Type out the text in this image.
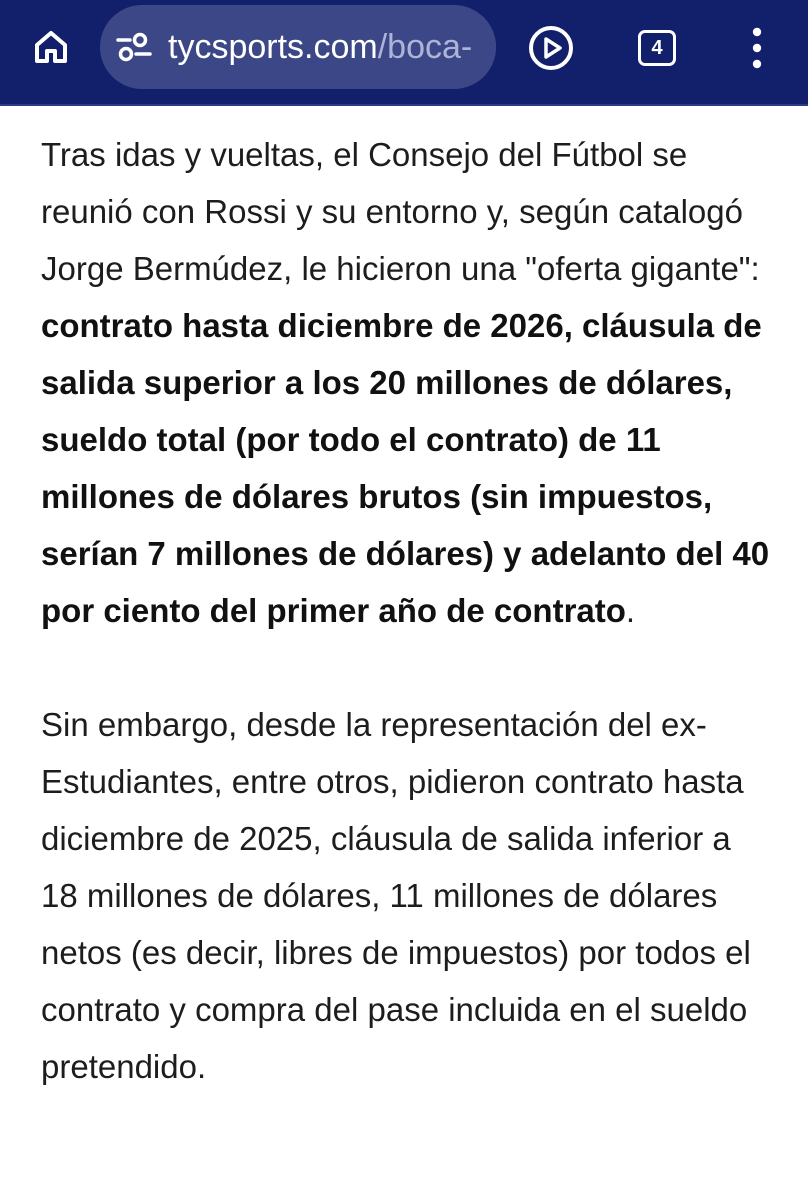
tycsports.com/boca-	4

Tras idas y vueltas, el Consejo del Fútbol se reunió con Rossi y su entorno y, según catalogó Jorge Bermúdez, le hicieron una "oferta gigante": contrato hasta diciembre de 2026, cláusula de salida superior a los 20 millones de dólares, sueldo total (por todo el contrato) de 11 millones de dólares brutos (sin impuestos, serían 7 millones de dólares) y adelanto del 40 por ciento del primer año de contrato.

Sin embargo, desde la representación del ex-Estudiantes, entre otros, pidieron contrato hasta diciembre de 2025, cláusula de salida inferior a 18 millones de dólares, 11 millones de dólares netos (es decir, libres de impuestos) por todos el contrato y compra del pase incluida en el sueldo pretendido.
